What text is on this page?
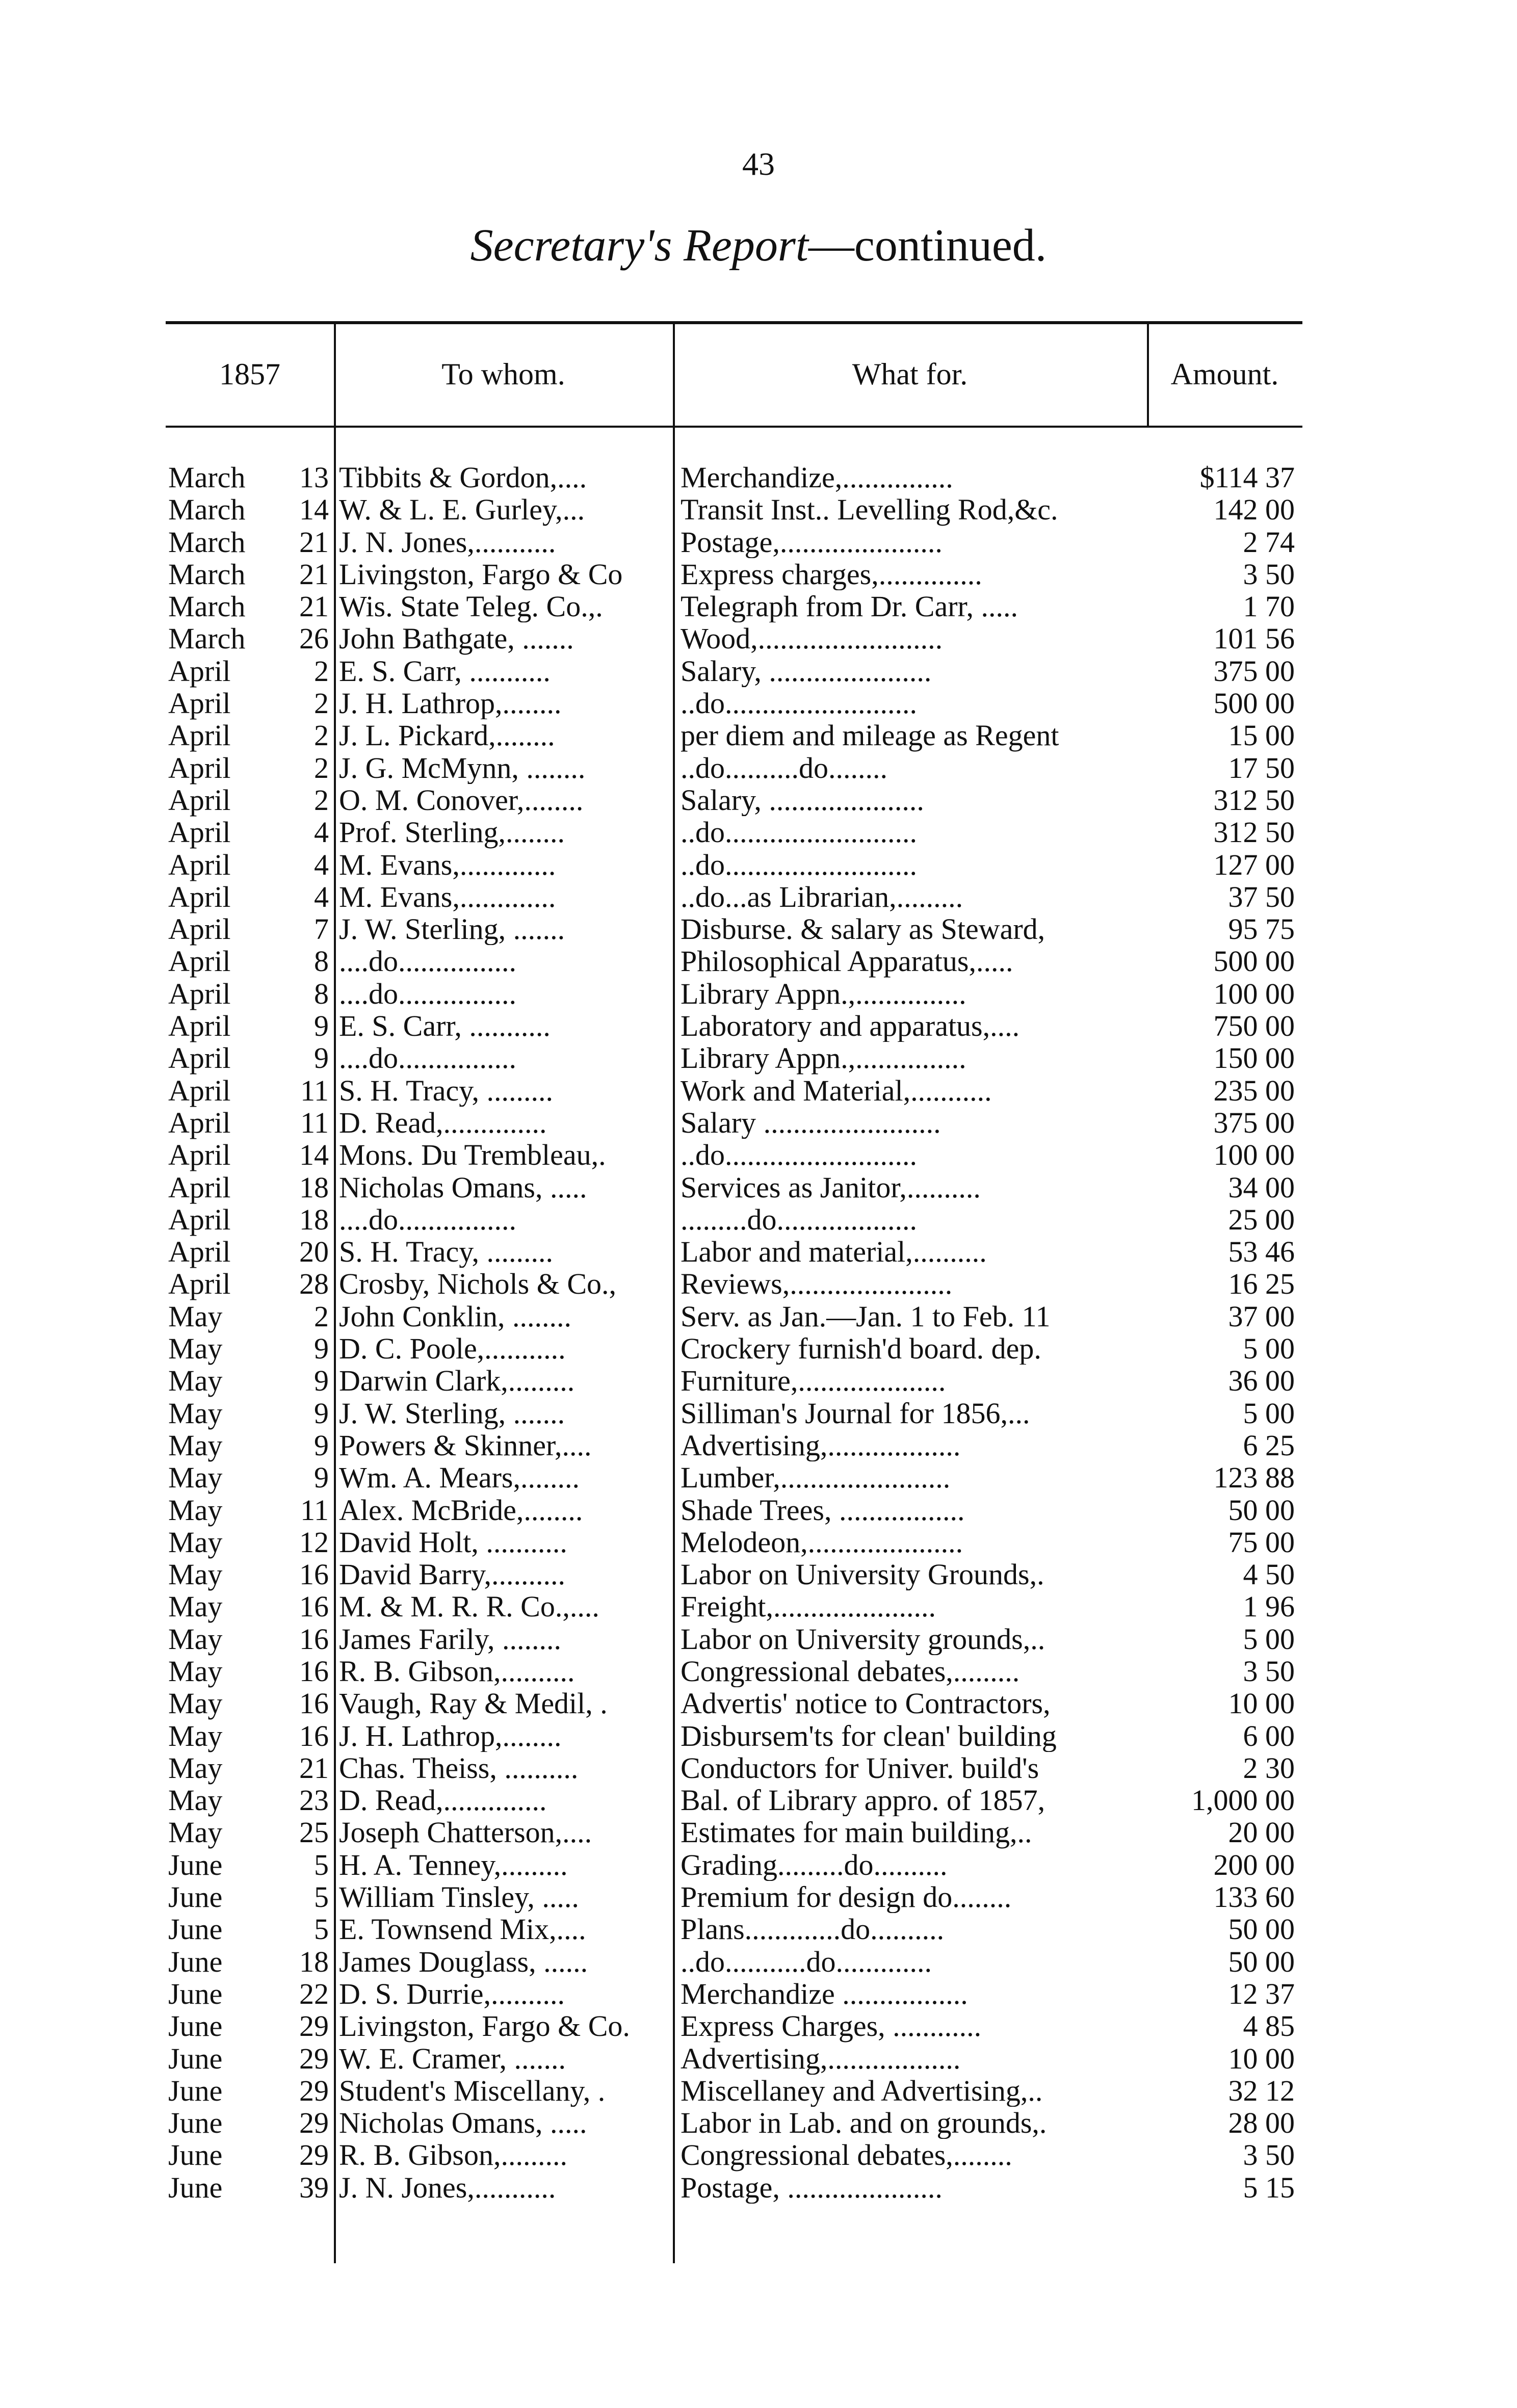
43
Secretary's Report—continued.
1857	To whom.	What for.	Amount.
March	13 Tibbits & Gordon,....	Merchandize,...............	$114 37
March	14 W. & L. E. Gurley,...	Transit Inst.. Levelling Rod,&c.	142 00
March	21 J. N. Jones,...........	Postage,......................	2 74
March	21 Livingston, Fargo & Co	Express charges,..............	3 50
March	21 Wis. State Teleg. Co.,.	Telegraph from Dr. Carr, .....	1 70
March	26 John Bathgate, .......	Wood,.........................	101 56
April	2 E. S. Carr, ...........	Salary, ......................	375 00
April	2 J. H. Lathrop,........	..do..........................	500 00
April	2 J. L. Pickard,........	per diem and mileage as Regent	15 00
April	2 J. G. McMynn, ........	..do..........do........	17 50
April	2 O. M. Conover,........	Salary, .....................	312 50
April	4 Prof. Sterling,........	..do..........................	312 50
April	4 M. Evans,.............	..do..........................	127 00
April	4 M. Evans,.............	..do...as Librarian,.........	37 50
April	7 J. W. Sterling, .......	Disburse. & salary as Steward,	95 75
April	8 ....do................	Philosophical Apparatus,.....	500 00
April	8 ....do................	Library Appn.,...............	100 00
April	9 E. S. Carr, ...........	Laboratory and apparatus,....	750 00
April	9 ....do................	Library Appn.,...............	150 00
April	11 S. H. Tracy, .........	Work and Material,...........	235 00
April	11 D. Read,..............	Salary ........................	375 00
April	14 Mons. Du Trembleau,.	..do..........................	100 00
April	18 Nicholas Omans, .....	Services as Janitor,..........	34 00
April	18 ....do................	.........do...................	25 00
April	20 S. H. Tracy, .........	Labor and material,..........	53 46
April	28 Crosby, Nichols & Co.,	Reviews,......................	16 25
May	2 John Conklin, ........	Serv. as Jan.—Jan. 1 to Feb. 11	37 00
May	9 D. C. Poole,...........	Crockery furnish'd board. dep.	5 00
May	9 Darwin Clark,.........	Furniture,....................	36 00
May	9 J. W. Sterling, .......	Silliman's Journal for 1856,...	5 00
May	9 Powers & Skinner,....	Advertising,..................	6 25
May	9 Wm. A. Mears,........	Lumber,.......................	123 88
May	11 Alex. McBride,........	Shade Trees, .................	50 00
May	12 David Holt, ...........	Melodeon,.....................	75 00
May	16 David Barry,..........	Labor on University Grounds,.	4 50
May	16 M. & M. R. R. Co.,....	Freight,......................	1 96
May	16 James Farily, ........	Labor on University grounds,..	5 00
May	16 R. B. Gibson,..........	Congressional debates,.........	3 50
May	16 Vaugh, Ray & Medil, .	Advertis' notice to Contractors,	10 00
May	16 J. H. Lathrop,........	Disbursem'ts for clean' building	6 00
May	21 Chas. Theiss, ..........	Conductors for Univer. build's	2 30
May	23 D. Read,..............	Bal. of Library appro. of 1857,	1,000 00
May	25 Joseph Chatterson,....	Estimates for main building,..	20 00
June	5 H. A. Tenney,.........	Grading.........do..........	200 00
June	5 William Tinsley, .....	Premium for design do........	133 60
June	5 E. Townsend Mix,....	Plans.............do..........	50 00
June	18 James Douglass, ......	..do...........do.............	50 00
June	22 D. S. Durrie,..........	Merchandize .................	12 37
June	29 Livingston, Fargo & Co.	Express Charges, ............	4 85
June	29 W. E. Cramer, .......	Advertising,..................	10 00
June	29 Student's Miscellany, .	Miscellaney and Advertising,..	32 12
June	29 Nicholas Omans, .....	Labor in Lab. and on grounds,.	28 00
June	29 R. B. Gibson,.........	Congressional debates,........	3 50
June	39 J. N. Jones,...........	Postage, .....................	5 15
